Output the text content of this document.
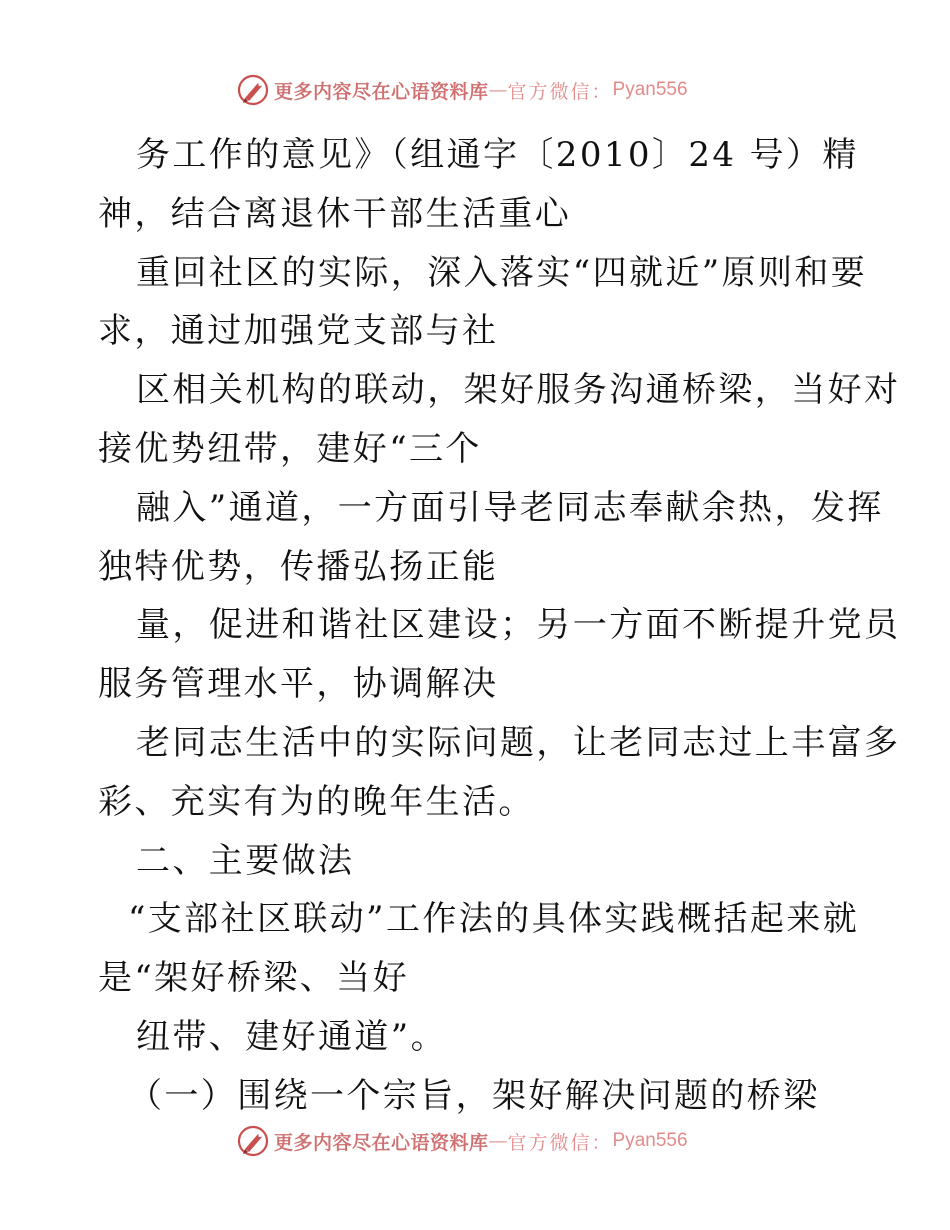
更多内容尽在心语资料库 — 官方微信： Pyan556
务工作的意见》（组通字〔2010〕24 号）精
神，结合离退休干部生活重心
重回社区的实际，深入落实“四就近”原则和要
求，通过加强党支部与社
区相关机构的联动，架好服务沟通桥梁，当好对
接优势纽带，建好“三个
融入”通道，一方面引导老同志奉献余热，发挥
独特优势，传播弘扬正能
量，促进和谐社区建设；另一方面不断提升党员
服务管理水平，协调解决
老同志生活中的实际问题，让老同志过上丰富多
彩、充实有为的晚年生活。
二、主要做法
“支部社区联动”工作法的具体实践概括起来就
是“架好桥梁、当好
纽带、建好通道”。
（一）围绕一个宗旨，架好解决问题的桥梁
更多内容尽在心语资料库 — 官方微信： Pyan556
